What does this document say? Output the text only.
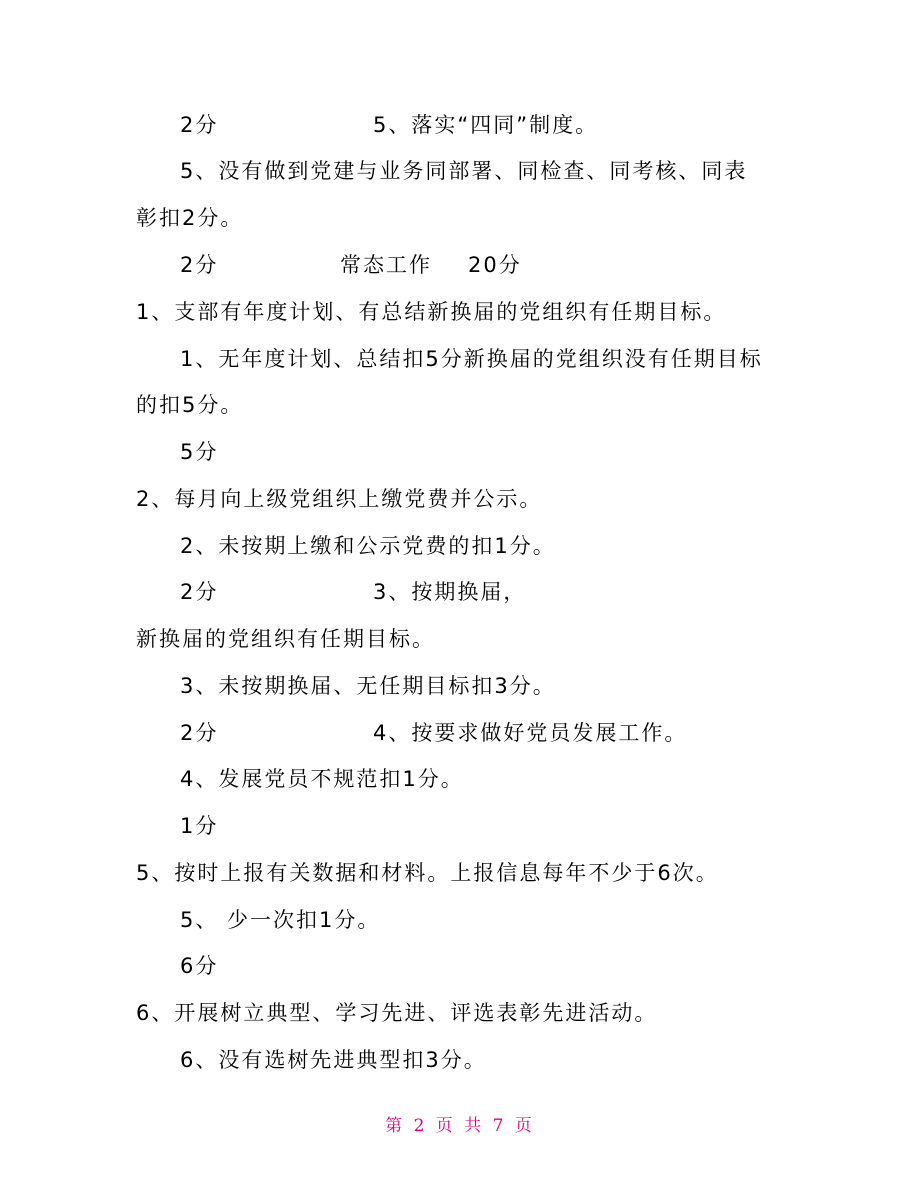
2分	5、落实“四同”制度。
5、没有做到党建与业务同部署、同检查、同考核、同表
彰扣2分。
2分	常态工作 20分
1、支部有年度计划、有总结新换届的党组织有任期目标。
1、无年度计划、总结扣5分新换届的党组织没有任期目标
的扣5分。
5分
2、每月向上级党组织上缴党费并公示。
2、未按期上缴和公示党费的扣1分。
2分	3、按期换届，
新换届的党组织有任期目标。
3、未按期换届、无任期目标扣3分。
2分	4、按要求做好党员发展工作。
4、发展党员不规范扣1分。
1分
5、按时上报有关数据和材料。上报信息每年不少于6次。
5、 少一次扣1分。
6分
6、开展树立典型、学习先进、评选表彰先进活动。
6、没有选树先进典型扣3分。
第 2 页 共 7 页
